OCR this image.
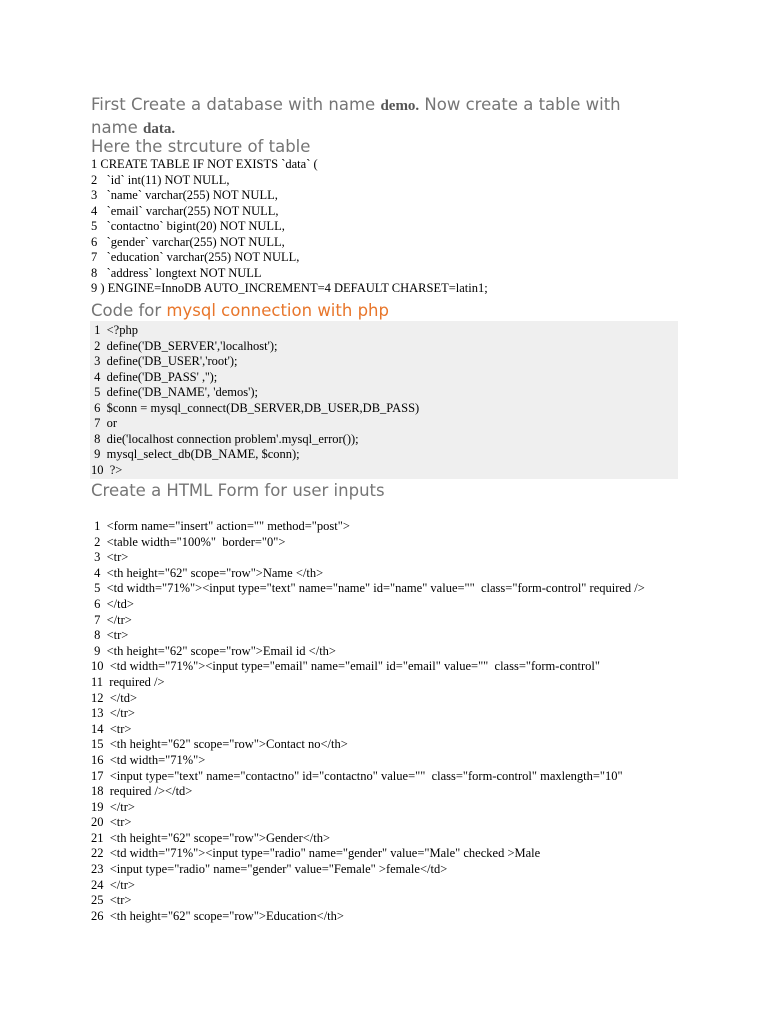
First Create a database with name demo. Now create a table with
name data.
Here the strcuture of table
1 CREATE TABLE IF NOT EXISTS `data` (
2   `id` int(11) NOT NULL,
3   `name` varchar(255) NOT NULL,
4   `email` varchar(255) NOT NULL,
5   `contactno` bigint(20) NOT NULL,
6   `gender` varchar(255) NOT NULL,
7   `education` varchar(255) NOT NULL,
8   `address` longtext NOT NULL
9 ) ENGINE=InnoDB AUTO_INCREMENT=4 DEFAULT CHARSET=latin1;
Code for mysql connection with php
1  <?php
2  define('DB_SERVER','localhost');
3  define('DB_USER','root');
4  define('DB_PASS' ,'');
5  define('DB_NAME', 'demos');
6  $conn = mysql_connect(DB_SERVER,DB_USER,DB_PASS)
7  or
8  die('localhost connection problem'.mysql_error());
9  mysql_select_db(DB_NAME, $conn);
10  ?>
Create a HTML Form for user inputs
1  <form name="insert" action="" method="post">
2  <table width="100%"  border="0">
3  <tr>
4  <th height="62" scope="row">Name </th>
5  <td width="71%"><input type="text" name="name" id="name" value=""  class="form-control" required />
6  </td>
7  </tr>
8  <tr>
9  <th height="62" scope="row">Email id </th>
10  <td width="71%"><input type="email" name="email" id="email" value=""  class="form-control"
11  required />
12  </td>
13  </tr>
14  <tr>
15  <th height="62" scope="row">Contact no</th>
16  <td width="71%">
17  <input type="text" name="contactno" id="contactno" value=""  class="form-control" maxlength="10"
18  required /></td>
19  </tr>
20  <tr>
21  <th height="62" scope="row">Gender</th>
22  <td width="71%"><input type="radio" name="gender" value="Male" checked >Male
23  <input type="radio" name="gender" value="Female" >female</td>
24  </tr>
25  <tr>
26  <th height="62" scope="row">Education</th>
